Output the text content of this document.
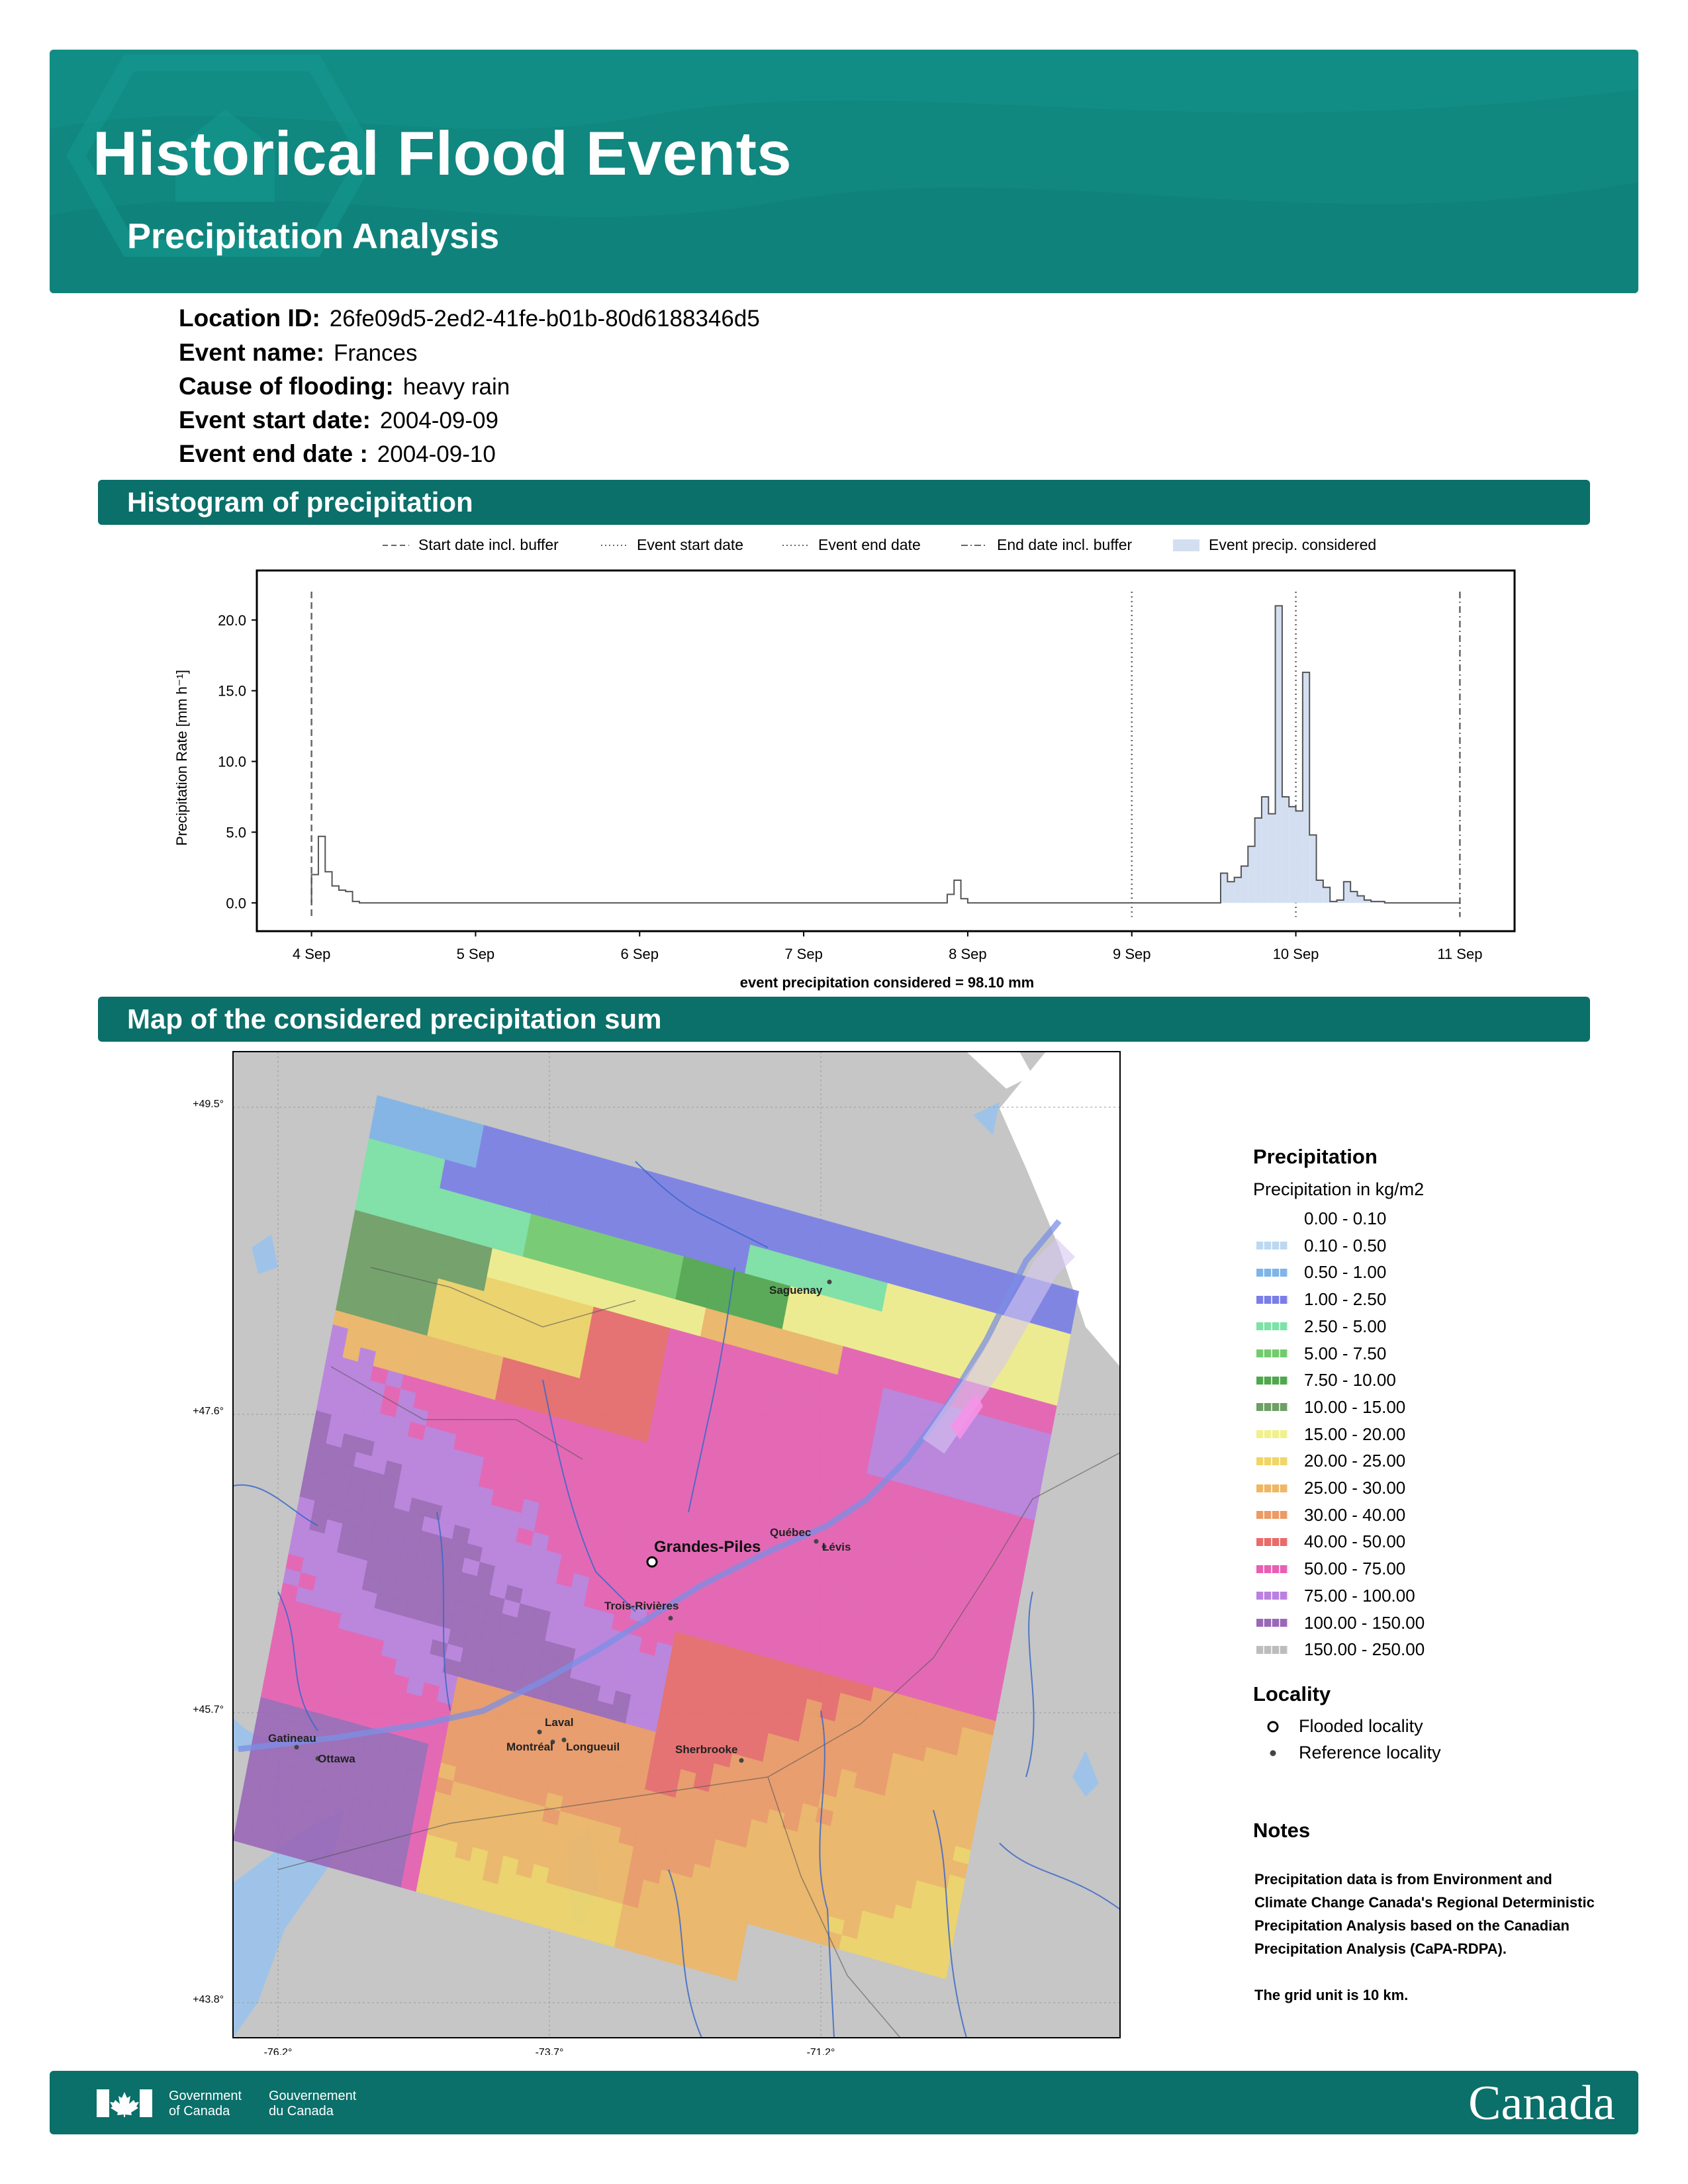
Historical Flood Events
Precipitation Analysis
Location ID: 26fe09d5-2ed2-41fe-b01b-80d6188346d5
Event name: Frances
Cause of flooding: heavy rain
Event start date: 2004-09-09
Event end date : 2004-09-10
Histogram of precipitation
Start date incl. buffer	Event start date	Event end date	End date incl. buffer	Event precip. considered
Precipitation Rate [mm h⁻¹]
0.0
5.0
10.0
15.0
20.0
4 Sep	5 Sep	6 Sep	7 Sep	8 Sep	9 Sep	10 Sep	11 Sep
event precipitation considered = 98.10 mm
Map of the considered precipitation sum
+49.5°
+47.6°
+45.7°
+43.8°
-76.2°	-73.7°	-71.2°
Saguenay
Québec
Lévis
Grandes-Piles
Trois-Rivières
Gatineau
Ottawa
Laval
Montréal Longueuil	Sherbrooke
Precipitation
Precipitation in kg/m2
0.00 - 0.10
0.10 - 0.50
0.50 - 1.00
1.00 - 2.50
2.50 - 5.00
5.00 - 7.50
7.50 - 10.00
10.00 - 15.00
15.00 - 20.00
20.00 - 25.00
25.00 - 30.00
30.00 - 40.00
40.00 - 50.00
50.00 - 75.00
75.00 - 100.00
100.00 - 150.00
150.00 - 250.00
Locality
Flooded locality
Reference locality
Notes
Precipitation data is from Environment and Climate Change Canada's Regional Deterministic Precipitation Analysis based on the Canadian Precipitation Analysis (CaPA-RDPA).
The grid unit is 10 km.
Government
of Canada
Gouvernement
du Canada	Canada
